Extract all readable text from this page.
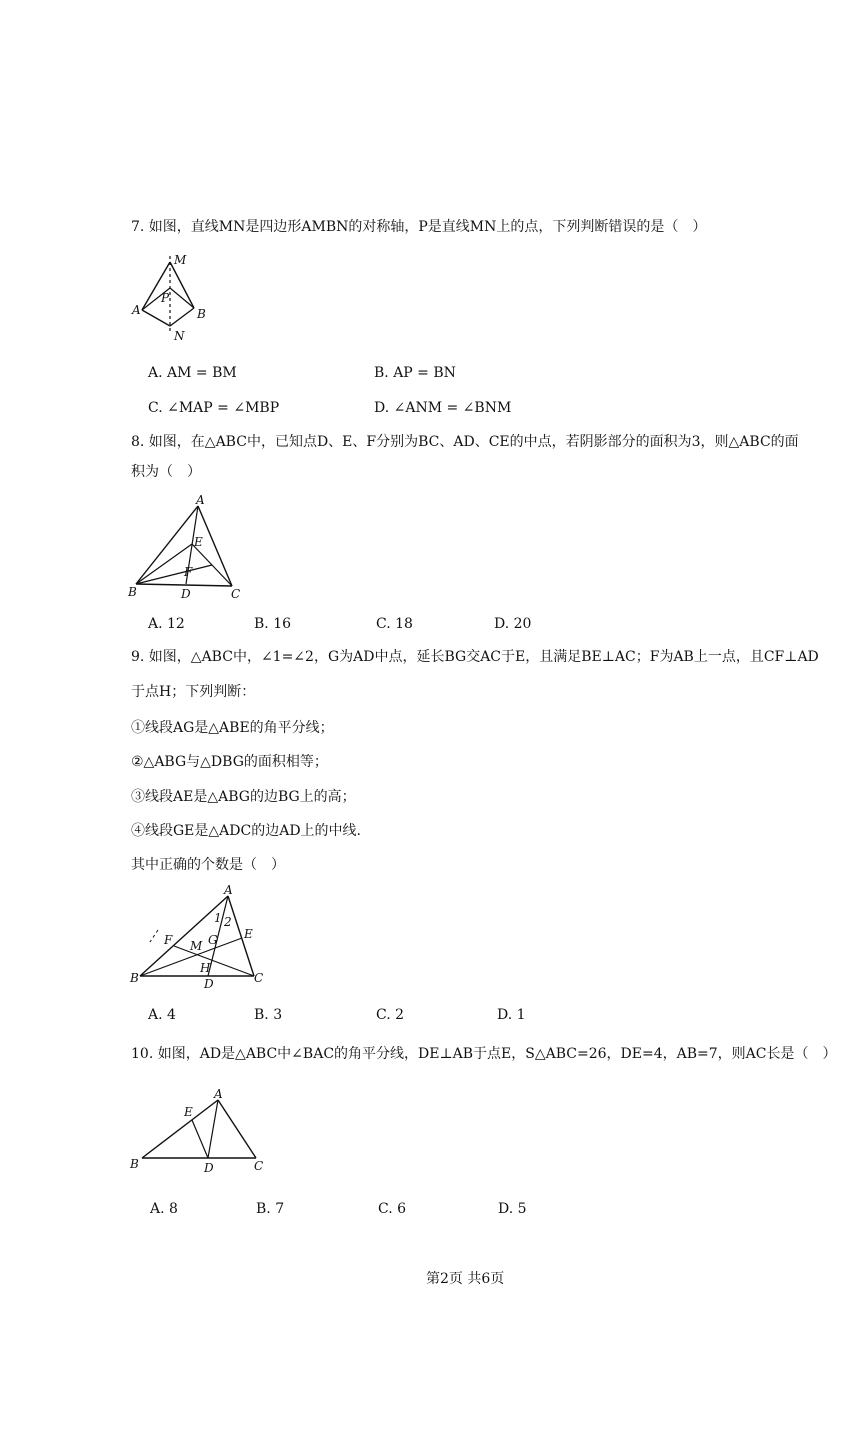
7. 如图，直线MN是四边形AMBN的对称轴，P是直线MN上的点，下列判断错误的是（　）
M
P
A	B
N
A. AM = BM	B. AP = BN
C. ∠MAP = ∠MBP	D. ∠ANM = ∠BNM
8. 如图，在△ABC中，已知点D、E、F分别为BC、AD、CE的中点，若阴影部分的面积为3，则△ABC的面
积为（　）
A
E
F
B	D	C
A. 12	B. 16	C. 18	D. 20
9. 如图，△ABC中，∠1=∠2，G为AD中点，延长BG交AC于E，且满足BE⊥AC；F为AB上一点，且CF⊥AD
于点H；下列判断：
①线段AG是△ABE的角平分线；
②△ABG与△DBG的面积相等；
③线段AE是△ABG的边BG上的高；
④线段GE是△ADC的边AD上的中线.
其中正确的个数是（　）
A
1 2
E
F M G
H
B	D	C
A. 4	B. 3	C. 2	D. 1
10. 如图，AD是△ABC中∠BAC的角平分线，DE⊥AB于点E，S△ABC=26，DE=4，AB=7，则AC长是（　）
A
E
B	D	C
A. 8	B. 7	C. 6	D. 5
第2页 共6页
